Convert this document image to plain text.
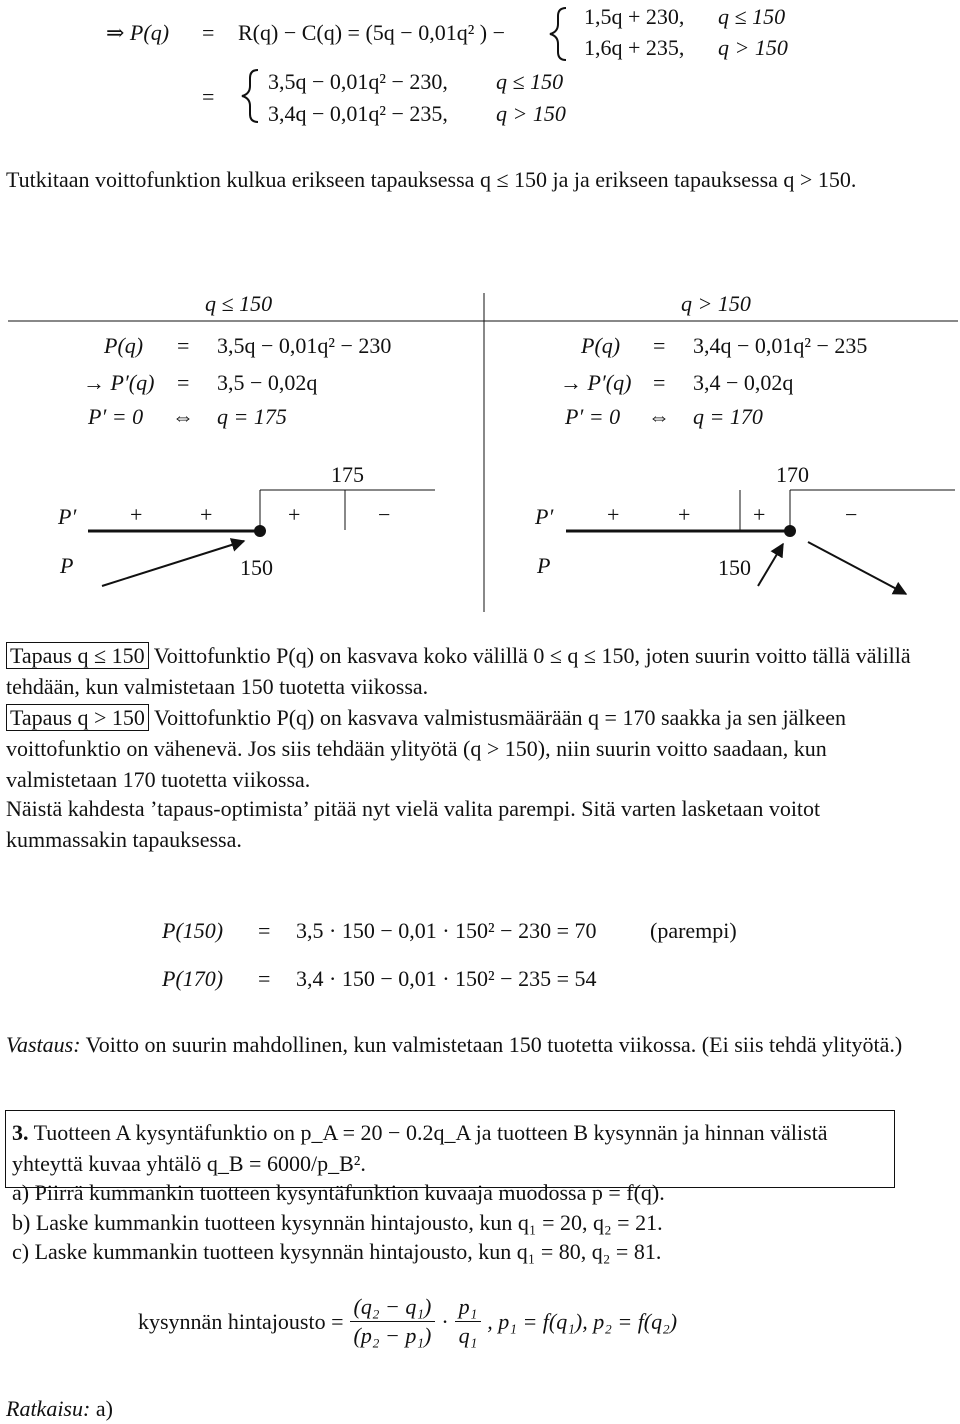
⇒ P(q) = R(q) − C(q) = (5q − 0,01q² ) −
1,5q + 230, q ≤ 150
1,6q + 235, q > 150
=
3,5q − 0,01q² − 230, q ≤ 150
3,4q − 0,01q² − 235, q > 150
Tutkitaan voittofunktion kulkua erikseen tapauksessa q ≤ 150 ja ja erikseen tapauksessa q > 150.
q ≤ 150
P(q) = 3,5q − 0,01q² − 230
→ P′(q) = 3,5 − 0,02q
P′ = 0 ⇔ q = 175
175
P′ +	+	+	−
P	150
q > 150
P(q) = 3,4q − 0,01q² − 235
→ P′(q) = 3,4 − 0,02q
P′ = 0 ⇔ q = 170
170
P′ +	+	+	−
P	150
Tapaus q ≤ 150 Voittofunktio P(q) on kasvava koko välillä 0 ≤ q ≤ 150, joten suurin voitto tällä välillä tehdään, kun valmistetaan 150 tuotetta viikossa.
Tapaus q > 150 Voittofunktio P(q) on kasvava valmistusmäärään q = 170 saakka ja sen jälkeen voittofunktio on vähenevä. Jos siis tehdään ylityötä (q > 150), niin suurin voitto saadaan, kun valmistetaan 170 tuotetta viikossa.
Näistä kahdesta ’tapaus-optimista’ pitää nyt vielä valita parempi. Sitä varten lasketaan voitot kummassakin tapauksessa.
P(150) = 3,5 · 150 − 0,01 · 150² − 230 = 70 (parempi)
P(170) = 3,4 · 150 − 0,01 · 150² − 235 = 54
Vastaus: Voitto on suurin mahdollinen, kun valmistetaan 150 tuotetta viikossa. (Ei siis tehdä ylityötä.)
3. Tuotteen A kysyntäfunktio on p_A = 20 − 0.2q_A ja tuotteen B kysynnän ja hinnan välistä
yhteyttä kuvaa yhtälö q_B = 6000/p_B².
a) Piirrä kummankin tuotteen kysyntäfunktion kuvaaja muodossa p = f(q).
b) Laske kummankin tuotteen kysynnän hintajousto, kun q₁ = 20, q₂ = 21.
c) Laske kummankin tuotteen kysynnän hintajousto, kun q₁ = 80, q₂ = 81.
kysynnän hintajousto = $\frac{\text{(q₂ − q₁)}}{\text{(p₂ − p₁)}} \cdot \frac{\text{p₁}}{\text{q₁}}$ , p₁ = f(q₁), p₂ = f(q₂)
Ratkaisu: a)
